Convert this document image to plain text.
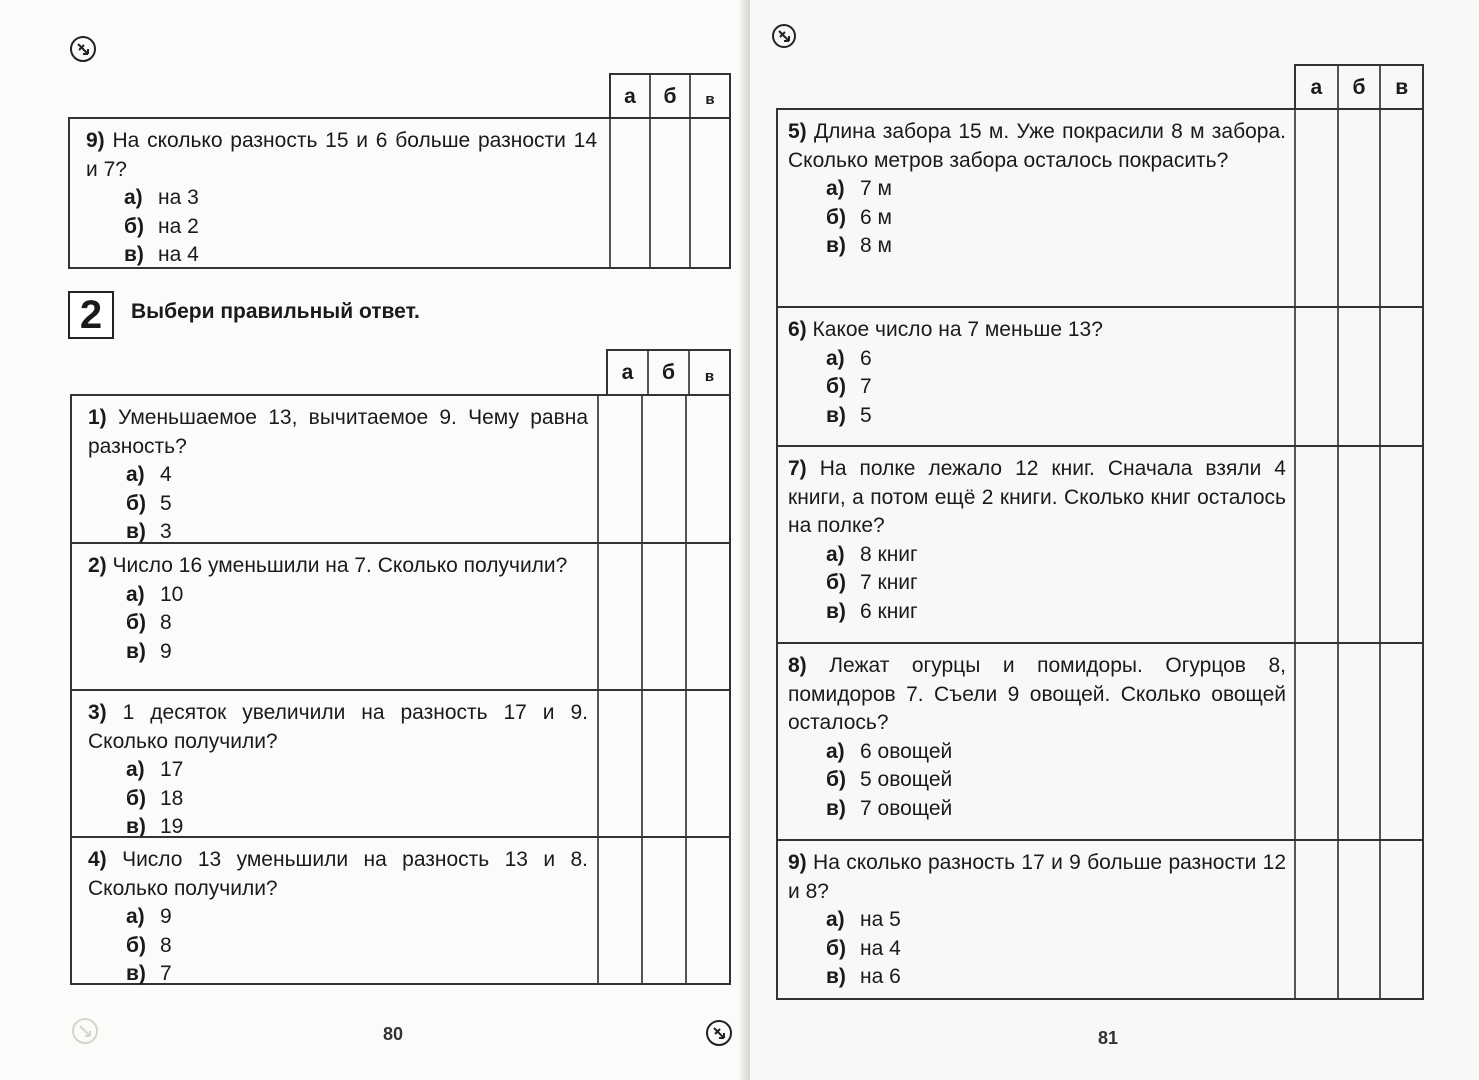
а	б	в
9) На сколько разность 15 и 6 больше разности 14 и 7?
а) на 3
б) на 2
в) на 4
2	Выбери правильный ответ.
а	б	в
1) Уменьшаемое 13, вычитаемое 9. Чему равна разность?
а) 4
б) 5
в) 3
2) Число 16 уменьшили на 7. Сколько получили?
а) 10
б) 8
в) 9
3) 1 десяток увеличили на разность 17 и 9. Сколько получили?
а) 17
б) 18
в) 19
4) Число 13 уменьшили на разность 13 и 8. Сколько получили?
а) 9
б) 8
в) 7
80
а	б	в
5) Длина забора 15 м. Уже покрасили 8 м забора. Сколько метров забора осталось покрасить?
а) 7 м
б) 6 м
в) 8 м
6) Какое число на 7 меньше 13?
а) 6
б) 7
в) 5
7) На полке лежало 12 книг. Сначала взяли 4 книги, а потом ещё 2 книги. Сколько книг осталось на полке?
а) 8 книг
б) 7 книг
в) 6 книг
8) Лежат огурцы и помидоры. Огурцов 8, помидоров 7. Съели 9 овощей. Сколько овощей осталось?
а) 6 овощей
б) 5 овощей
в) 7 овощей
9) На сколько разность 17 и 9 больше разности 12 и 8?
а) на 5
б) на 4
в) на 6
81
